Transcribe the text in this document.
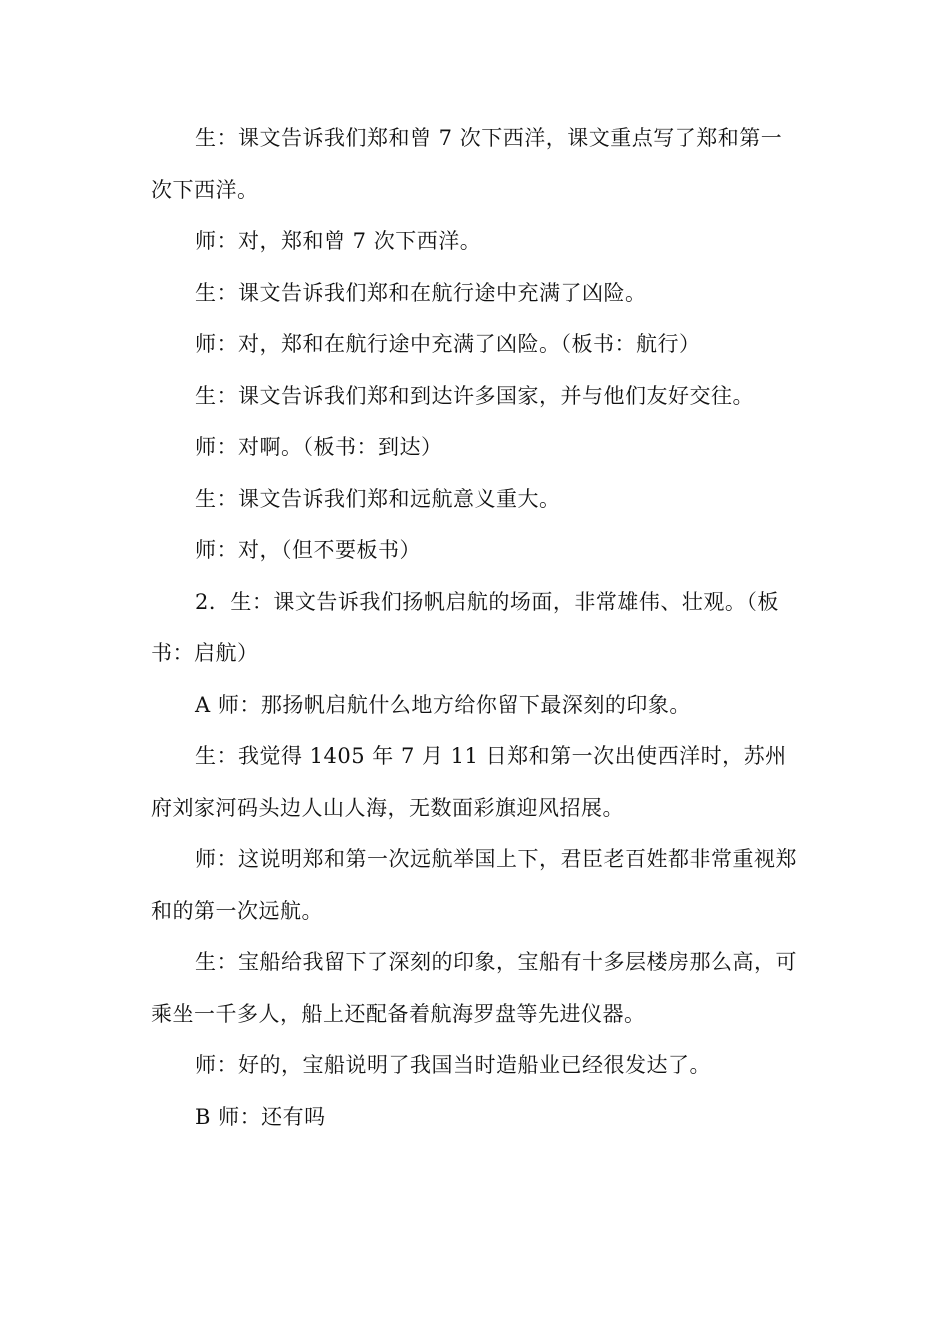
生：课文告诉我们郑和曾 7 次下西洋，课文重点写了郑和第一次下西洋。

师：对，郑和曾 7 次下西洋。

生：课文告诉我们郑和在航行途中充满了凶险。

师：对，郑和在航行途中充满了凶险。（板书：航行）

生：课文告诉我们郑和到达许多国家，并与他们友好交往。

师：对啊。（板书：到达）

生：课文告诉我们郑和远航意义重大。

师：对，（但不要板书）

2．生：课文告诉我们扬帆启航的场面，非常雄伟、壮观。（板书：启航）

A 师：那扬帆启航什么地方给你留下最深刻的印象。

生：我觉得 1405 年 7 月 11 日郑和第一次出使西洋时，苏州府刘家河码头边人山人海，无数面彩旗迎风招展。

师：这说明郑和第一次远航举国上下，君臣老百姓都非常重视郑和的第一次远航。

生：宝船给我留下了深刻的印象，宝船有十多层楼房那么高，可乘坐一千多人，船上还配备着航海罗盘等先进仪器。

师：好的，宝船说明了我国当时造船业已经很发达了。

B 师：还有吗
